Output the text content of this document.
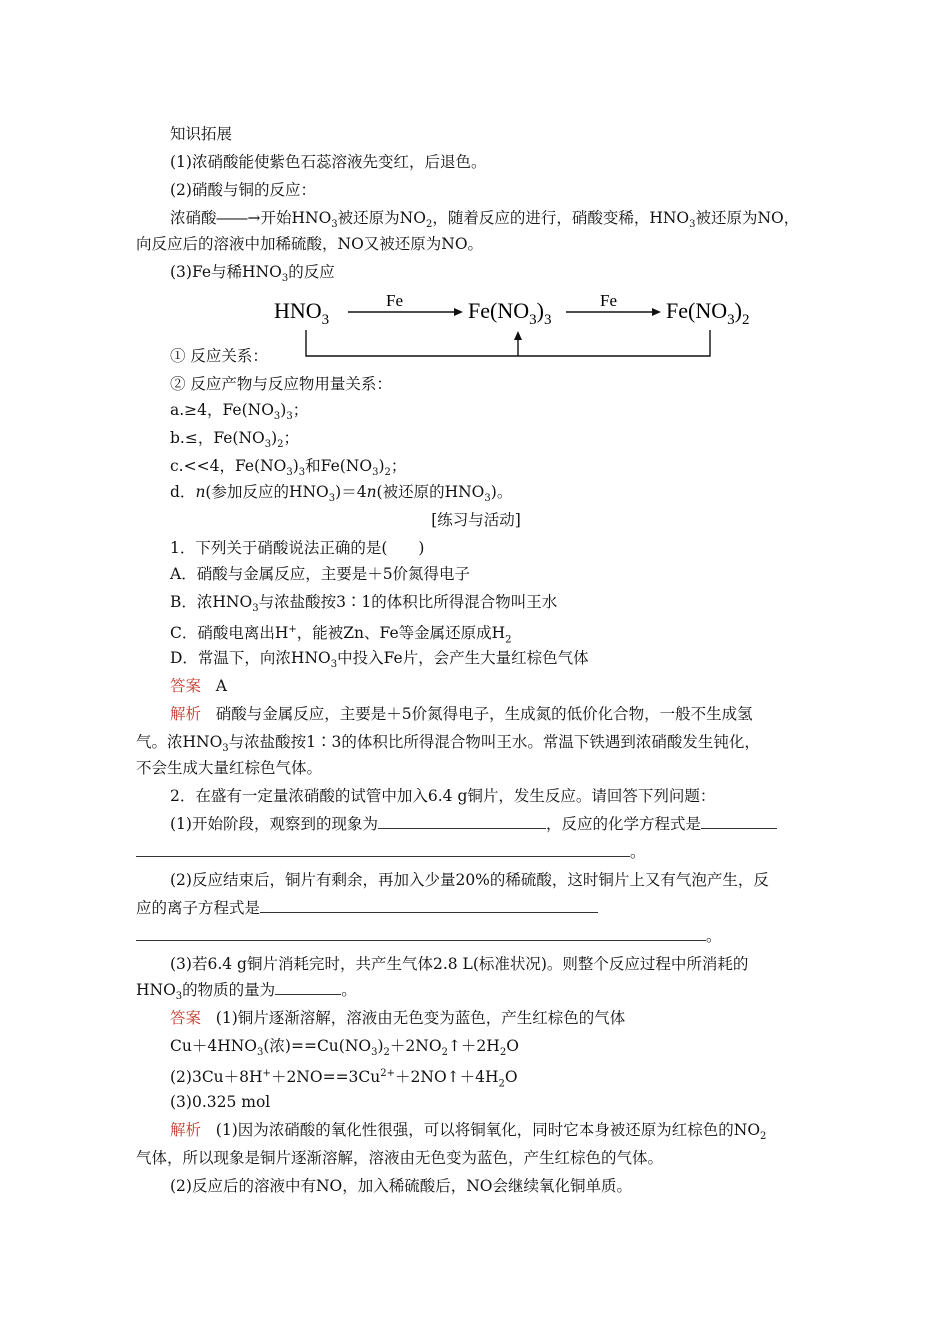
知识拓展
(1)浓硝酸能使紫色石蕊溶液先变红，后退色。
(2)硝酸与铜的反应：
浓硝酸――→开始$HNO_3$被还原为$NO_2$，随着反应的进行，硝酸变稀，$HNO_3$被还原为NO，
向反应后的溶液中加稀硫酸，NO又被还原为NO。
(3)Fe与稀$HNO_3$的反应
$HNO_3$
Fe	$Fe(NO_3)_3$
Fe $Fe(NO_3)_2$
① 反应关系：
② 反应产物与反应物用量关系：
a.≥4，$Fe(NO_3)_3$；
b.≤，$Fe(NO_3)_2$；
c.<<4，$Fe(NO_3)_3$和$Fe(NO_3)_2$；
d．n(参加反应的$HNO_3)=4n$(被还原的$HNO_3$)。
[练习与活动]
1．下列关于硝酸说法正确的是(　　)
A．硝酸与金属反应，主要是＋5价氮得电子
B．浓$HNO_3$与浓盐酸按3∶1的体积比所得混合物叫王水
C．硝酸电离出H+，能被Zn、Fe等金属还原成$H_2$
D．常温下，向浓$HNO_3$中投入Fe片，会产生大量红棕色气体
答案 A
解析 硝酸与金属反应，主要是＋5价氮得电子，生成氮的低价化合物，一般不生成氢
气。浓$HNO_3$与浓盐酸按1∶3的体积比所得混合物叫王水。常温下铁遇到浓硝酸发生钝化，
不会生成大量红棕色气体。
2．在盛有一定量浓硝酸的试管中加入6.4 g铜片，发生反应。请回答下列问题：
(1)开始阶段，观察到的现象为	，反应的化学方程式是
。
(2)反应结束后，铜片有剩余，再加入少量20%的稀硫酸，这时铜片上又有气泡产生，反
应的离子方程式是
。
(3)若6.4 g铜片消耗完时，共产生气体2.8 L(标准状况)。则整个反应过程中所消耗的
$HNO_3$的物质的量为	。
答案 (1)铜片逐渐溶解，溶液由无色变为蓝色，产生红棕色的气体
$Cu+4HNO_3$(浓)$==Cu(NO_3)_2+2NO_2↑+2H_2O$
$(2)3Cu+8H^++2NO==3Cu^{2+}+2NO↑+4H_2O$
(3)0.325 mol
解析 (1)因为浓硝酸的氧化性很强，可以将铜氧化，同时它本身被还原为红棕色的$NO_2$
气体，所以现象是铜片逐渐溶解，溶液由无色变为蓝色，产生红棕色的气体。
(2)反应后的溶液中有NO，加入稀硫酸后，NO会继续氧化铜单质。
